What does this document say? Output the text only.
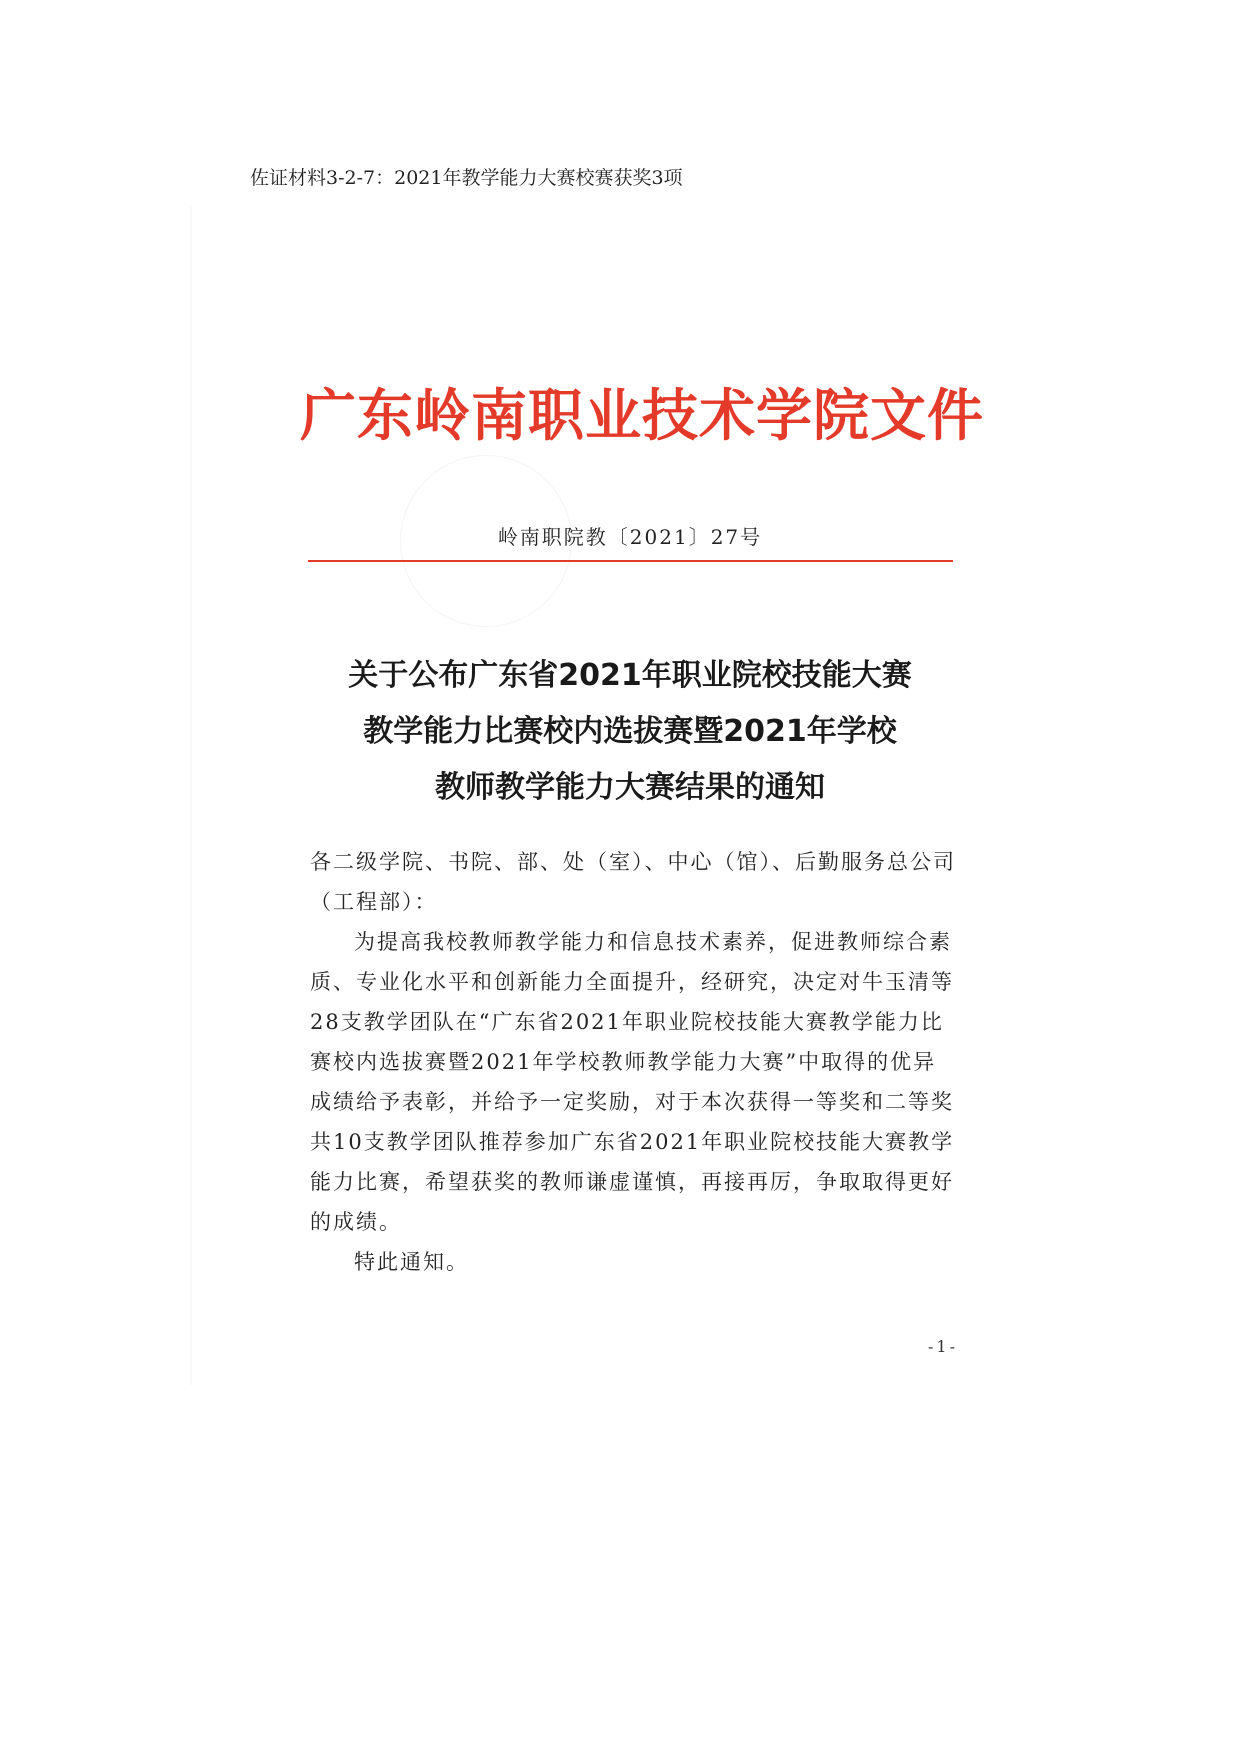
佐证材料3-2-7：2021年教学能力大赛校赛获奖3项
广东岭南职业技术学院文件
岭南职院教〔2021〕27号
关于公布广东省2021年职业院校技能大赛
教学能力比赛校内选拔赛暨2021年学校
教师教学能力大赛结果的通知
各二级学院、书院、部、处（室）、中心（馆）、后勤服务总公司
（工程部）：
为提高我校教师教学能力和信息技术素养，促进教师综合素
质、专业化水平和创新能力全面提升，经研究，决定对牛玉清等
28支教学团队在“广东省2021年职业院校技能大赛教学能力比
赛校内选拔赛暨2021年学校教师教学能力大赛”中取得的优异
成绩给予表彰，并给予一定奖励，对于本次获得一等奖和二等奖
共10支教学团队推荐参加广东省2021年职业院校技能大赛教学
能力比赛，希望获奖的教师谦虚谨慎，再接再厉，争取取得更好
的成绩。
特此通知。
-1-
